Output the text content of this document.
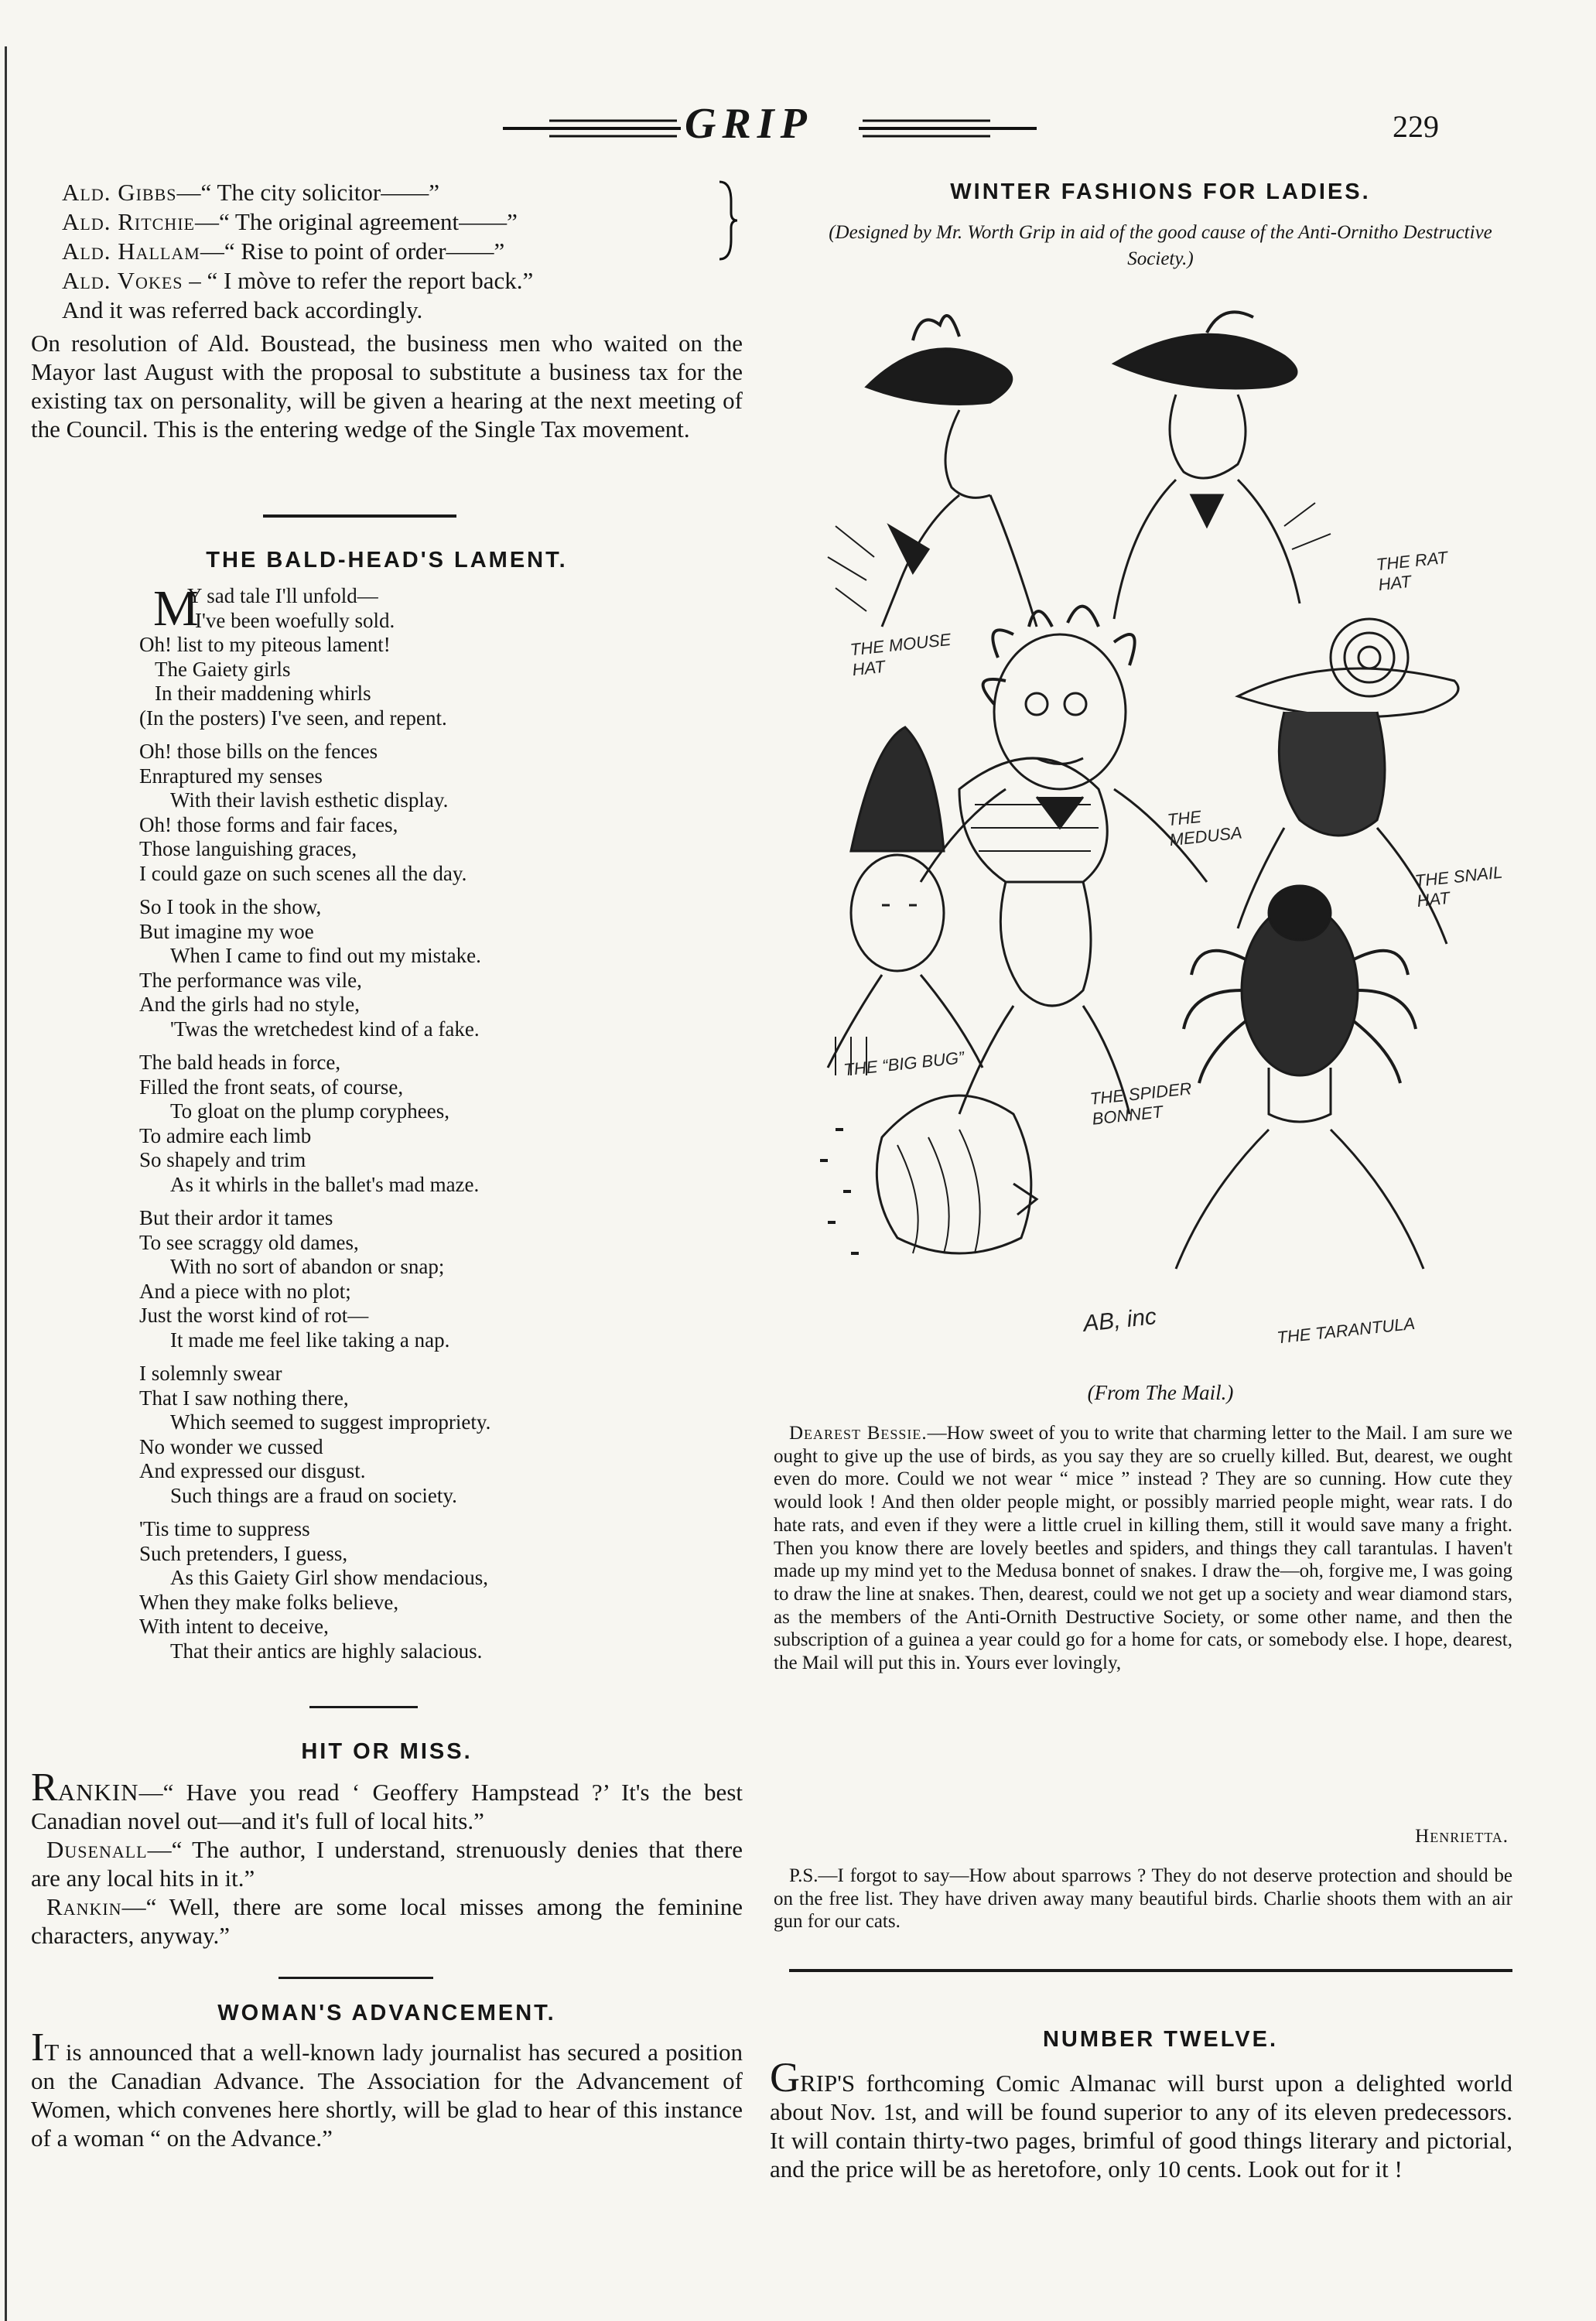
GRIP	229
Ald. Gibbs—“ The city solicitor——”
Ald. Ritchie—“ The original agreement——”
Ald. Hallam—“ Rise to point of order——”
Ald. Vokes – “ I mòve to refer the report back.”
And it was referred back accordingly.

On resolution of Ald. Boustead, the business men who waited on the Mayor last August with the proposal to substitute a business tax for the existing tax on personality, will be given a hearing at the next meeting of the Council. This is the entering wedge of the Single Tax movement.

THE BALD-HEAD'S LAMENT.
M
Y sad tale I'll unfold—
I've been woefully sold.
Oh! list to my piteous lament!
The Gaiety girls
In their maddening whirls
(In the posters) I've seen, and repent.
Oh! those bills on the fences
Enraptured my senses
With their lavish esthetic display.
Oh! those forms and fair faces,
Those languishing graces,
I could gaze on such scenes all the day.
So I took in the show,
But imagine my woe
When I came to find out my mistake.
The performance was vile,
And the girls had no style,
'Twas the wretchedest kind of a fake.
The bald heads in force,
Filled the front seats, of course,
To gloat on the plump coryphees,
To admire each limb
So shapely and trim
As it whirls in the ballet's mad maze.
But their ardor it tames
To see scraggy old dames,
With no sort of abandon or snap;
And a piece with no plot;
Just the worst kind of rot—
It made me feel like taking a nap.
I solemnly swear
That I saw nothing there,
Which seemed to suggest impropriety.
No wonder we cussed
And expressed our disgust.
Such things are a fraud on society.
'Tis time to suppress
Such pretenders, I guess,
As this Gaiety Girl show mendacious,
When they make folks believe,
With intent to deceive,
That their antics are highly salacious.
HIT OR MISS.

RANKIN—“ Have you read ‘ Geoffery Hampstead ?’ It's the best Canadian novel out—and it's full of local hits.”

Dusenall—“ The author, I understand, strenuously denies that there are any local hits in it.”

Rankin—“ Well, there are some local misses among the feminine characters, anyway.”

WOMAN'S ADVANCEMENT.

IT is announced that a well-known lady journalist has secured a position on the Canadian Advance. The Association for the Advancement of Women, which convenes here shortly, will be glad to hear of this instance of a woman “ on the Advance.”

WINTER FASHIONS FOR LADIES.
(Designed by Mr. Worth Grip in aid of the good cause of the Anti-Ornitho Destructive Society.)
THE MOUSE HAT
THE RAT HAT
THE MEDUSA
THE SNAIL HAT
THE “BIG BUG”
THE SPIDER BONNET
THE TARANTULA
AB, inc
(From The Mail.)

Dearest Bessie.—How sweet of you to write that charming letter to the Mail. I am sure we ought to give up the use of birds, as you say they are so cruelly killed. But, dearest, we ought even do more. Could we not wear “ mice ” instead ? They are so cunning. How cute they would look ! And then older people might, or possibly married people might, wear rats. I do hate rats, and even if they were a little cruel in killing them, still it would save many a fright. Then you know there are lovely beetles and spiders, and things they call tarantulas. I haven't made up my mind yet to the Medusa bonnet of snakes. I draw the—oh, forgive me, I was going to draw the line at snakes. Then, dearest, could we not get up a society and wear diamond stars, as the members of the Anti-Ornith Destructive Society, or some other name, and then the subscription of a guinea a year could go for a home for cats, or somebody else. I hope, dearest, the Mail will put this in. Yours ever lovingly,

Henrietta.

P.S.—I forgot to say—How about sparrows ? They do not deserve protection and should be on the free list. They have driven away many beautiful birds. Charlie shoots them with an air gun for our cats.

NUMBER TWELVE.

GRIP'S forthcoming Comic Almanac will burst upon a delighted world about Nov. 1st, and will be found superior to any of its eleven predecessors. It will contain thirty-two pages, brimful of good things literary and pictorial, and the price will be as heretofore, only 10 cents. Look out for it !
